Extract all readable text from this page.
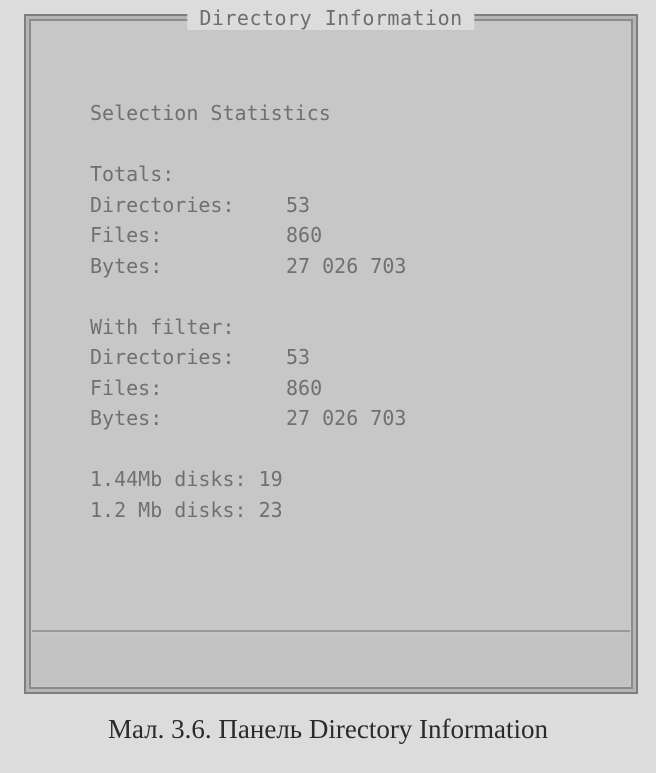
Directory Information
Selection Statistics
Totals:
Directories:	53
Files:	860
Bytes:	27 026 703
With filter:
Directories:	53
Files:	860
Bytes:	27 026 703
1.44Mb disks: 19
1.2 Mb disks: 23
Мал. 3.6. Панель Directory Information
